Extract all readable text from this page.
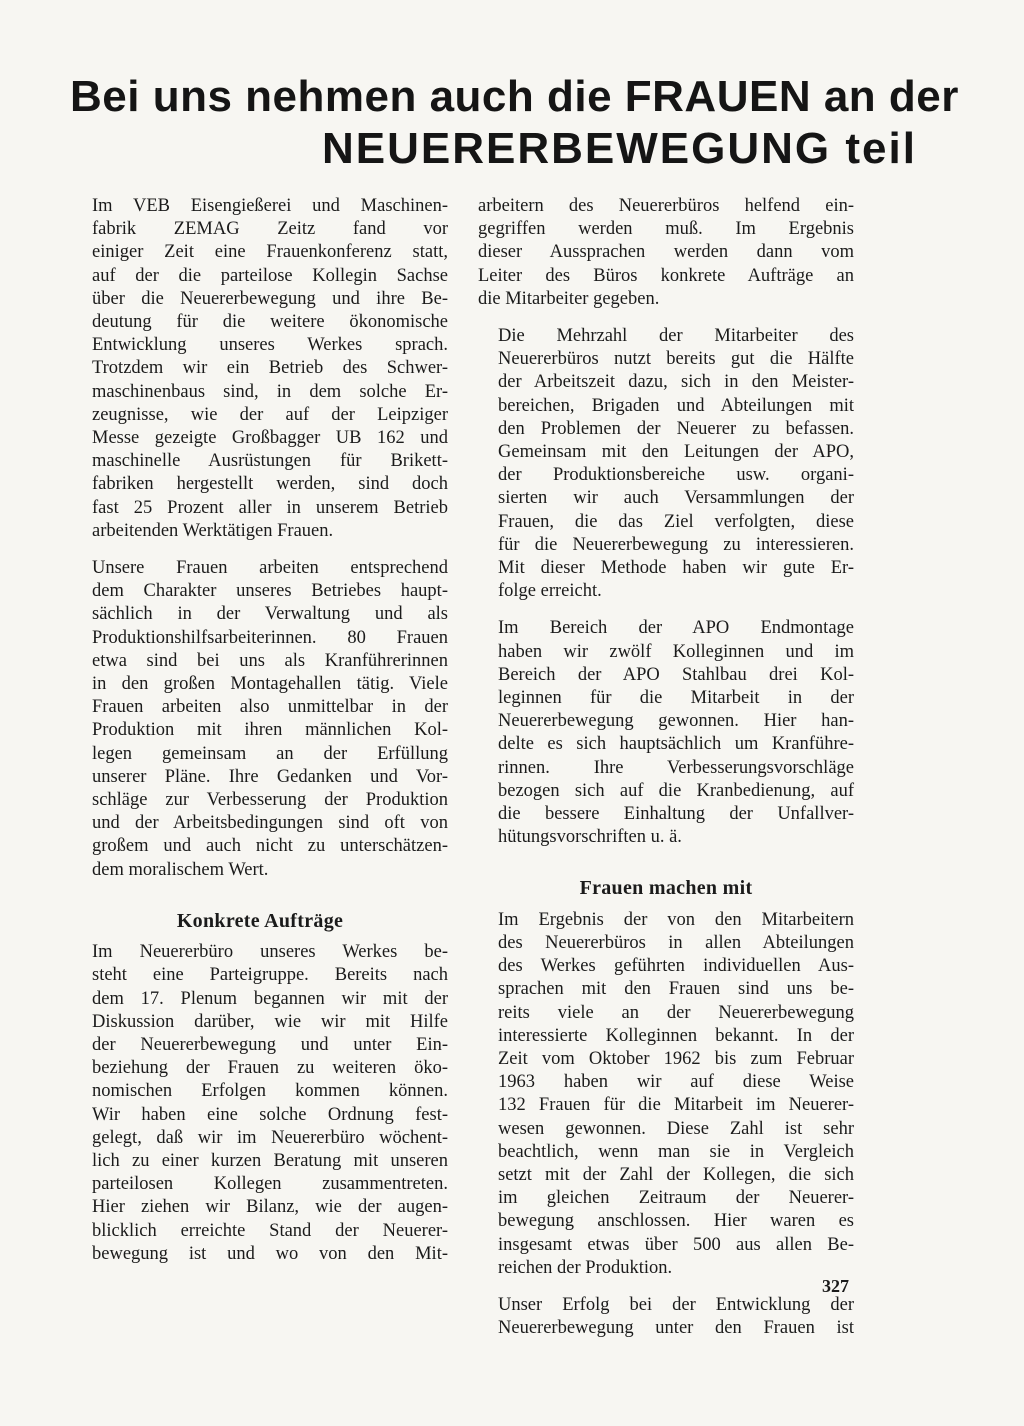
Bei uns nehmen auch die FRAUEN an der
NEUERERBEWEGUNG teil

Im VEB Eisengießerei und Maschinen-
fabrik ZEMAG Zeitz fand vor
einiger Zeit eine Frauenkonferenz statt,
auf der die parteilose Kollegin Sachse
über die Neuererbewegung und ihre Be-
deutung für die weitere ökonomische
Entwicklung unseres Werkes sprach.
Trotzdem wir ein Betrieb des Schwer-
maschinenbaus sind, in dem solche Er-
zeugnisse, wie der auf der Leipziger
Messe gezeigte Großbagger UB 162 und
maschinelle Ausrüstungen für Brikett-
fabriken hergestellt werden, sind doch
fast 25 Prozent aller in unserem Betrieb
arbeitenden Werktätigen Frauen.

Unsere Frauen arbeiten entsprechend
dem Charakter unseres Betriebes haupt-
sächlich in der Verwaltung und als
Produktionshilfsarbeiterinnen. 80 Frauen
etwa sind bei uns als Kranführerinnen
in den großen Montagehallen tätig. Viele
Frauen arbeiten also unmittelbar in der
Produktion mit ihren männlichen Kol-
legen gemeinsam an der Erfüllung
unserer Pläne. Ihre Gedanken und Vor-
schläge zur Verbesserung der Produktion
und der Arbeitsbedingungen sind oft von
großem und auch nicht zu unterschätzen-
dem moralischem Wert.

Konkrete Aufträge

Im Neuererbüro unseres Werkes be-
steht eine Parteigruppe. Bereits nach
dem 17. Plenum begannen wir mit der
Diskussion darüber, wie wir mit Hilfe
der Neuererbewegung und unter Ein-
beziehung der Frauen zu weiteren öko-
nomischen Erfolgen kommen können.
Wir haben eine solche Ordnung fest-
gelegt, daß wir im Neuererbüro wöchent-
lich zu einer kurzen Beratung mit unseren
parteilosen Kollegen zusammentreten.
Hier ziehen wir Bilanz, wie der augen-
blicklich erreichte Stand der Neuerer-
bewegung ist und wo von den Mit-

arbeitern des Neuererbüros helfend ein-
gegriffen werden muß. Im Ergebnis
dieser Aussprachen werden dann vom
Leiter des Büros konkrete Aufträge an
die Mitarbeiter gegeben.

Die Mehrzahl der Mitarbeiter des
Neuererbüros nutzt bereits gut die Hälfte
der Arbeitszeit dazu, sich in den Meister-
bereichen, Brigaden und Abteilungen mit
den Problemen der Neuerer zu befassen.
Gemeinsam mit den Leitungen der APO,
der Produktionsbereiche usw. organi-
sierten wir auch Versammlungen der
Frauen, die das Ziel verfolgten, diese
für die Neuererbewegung zu interessieren.
Mit dieser Methode haben wir gute Er-
folge erreicht.

Im Bereich der APO Endmontage
haben wir zwölf Kolleginnen und im
Bereich der APO Stahlbau drei Kol-
leginnen für die Mitarbeit in der
Neuererbewegung gewonnen. Hier han-
delte es sich hauptsächlich um Kranführe-
rinnen. Ihre Verbesserungsvorschläge
bezogen sich auf die Kranbedienung, auf
die bessere Einhaltung der Unfallver-
hütungsvorschriften u. ä.

Frauen machen mit

Im Ergebnis der von den Mitarbeitern
des Neuererbüros in allen Abteilungen
des Werkes geführten individuellen Aus-
sprachen mit den Frauen sind uns be-
reits viele an der Neuererbewegung
interessierte Kolleginnen bekannt. In der
Zeit vom Oktober 1962 bis zum Februar
1963 haben wir auf diese Weise
132 Frauen für die Mitarbeit im Neuerer-
wesen gewonnen. Diese Zahl ist sehr
beachtlich, wenn man sie in Vergleich
setzt mit der Zahl der Kollegen, die sich
im gleichen Zeitraum der Neuerer-
bewegung anschlossen. Hier waren es
insgesamt etwas über 500 aus allen Be-
reichen der Produktion.

Unser Erfolg bei der Entwicklung der
Neuererbewegung unter den Frauen ist

327
